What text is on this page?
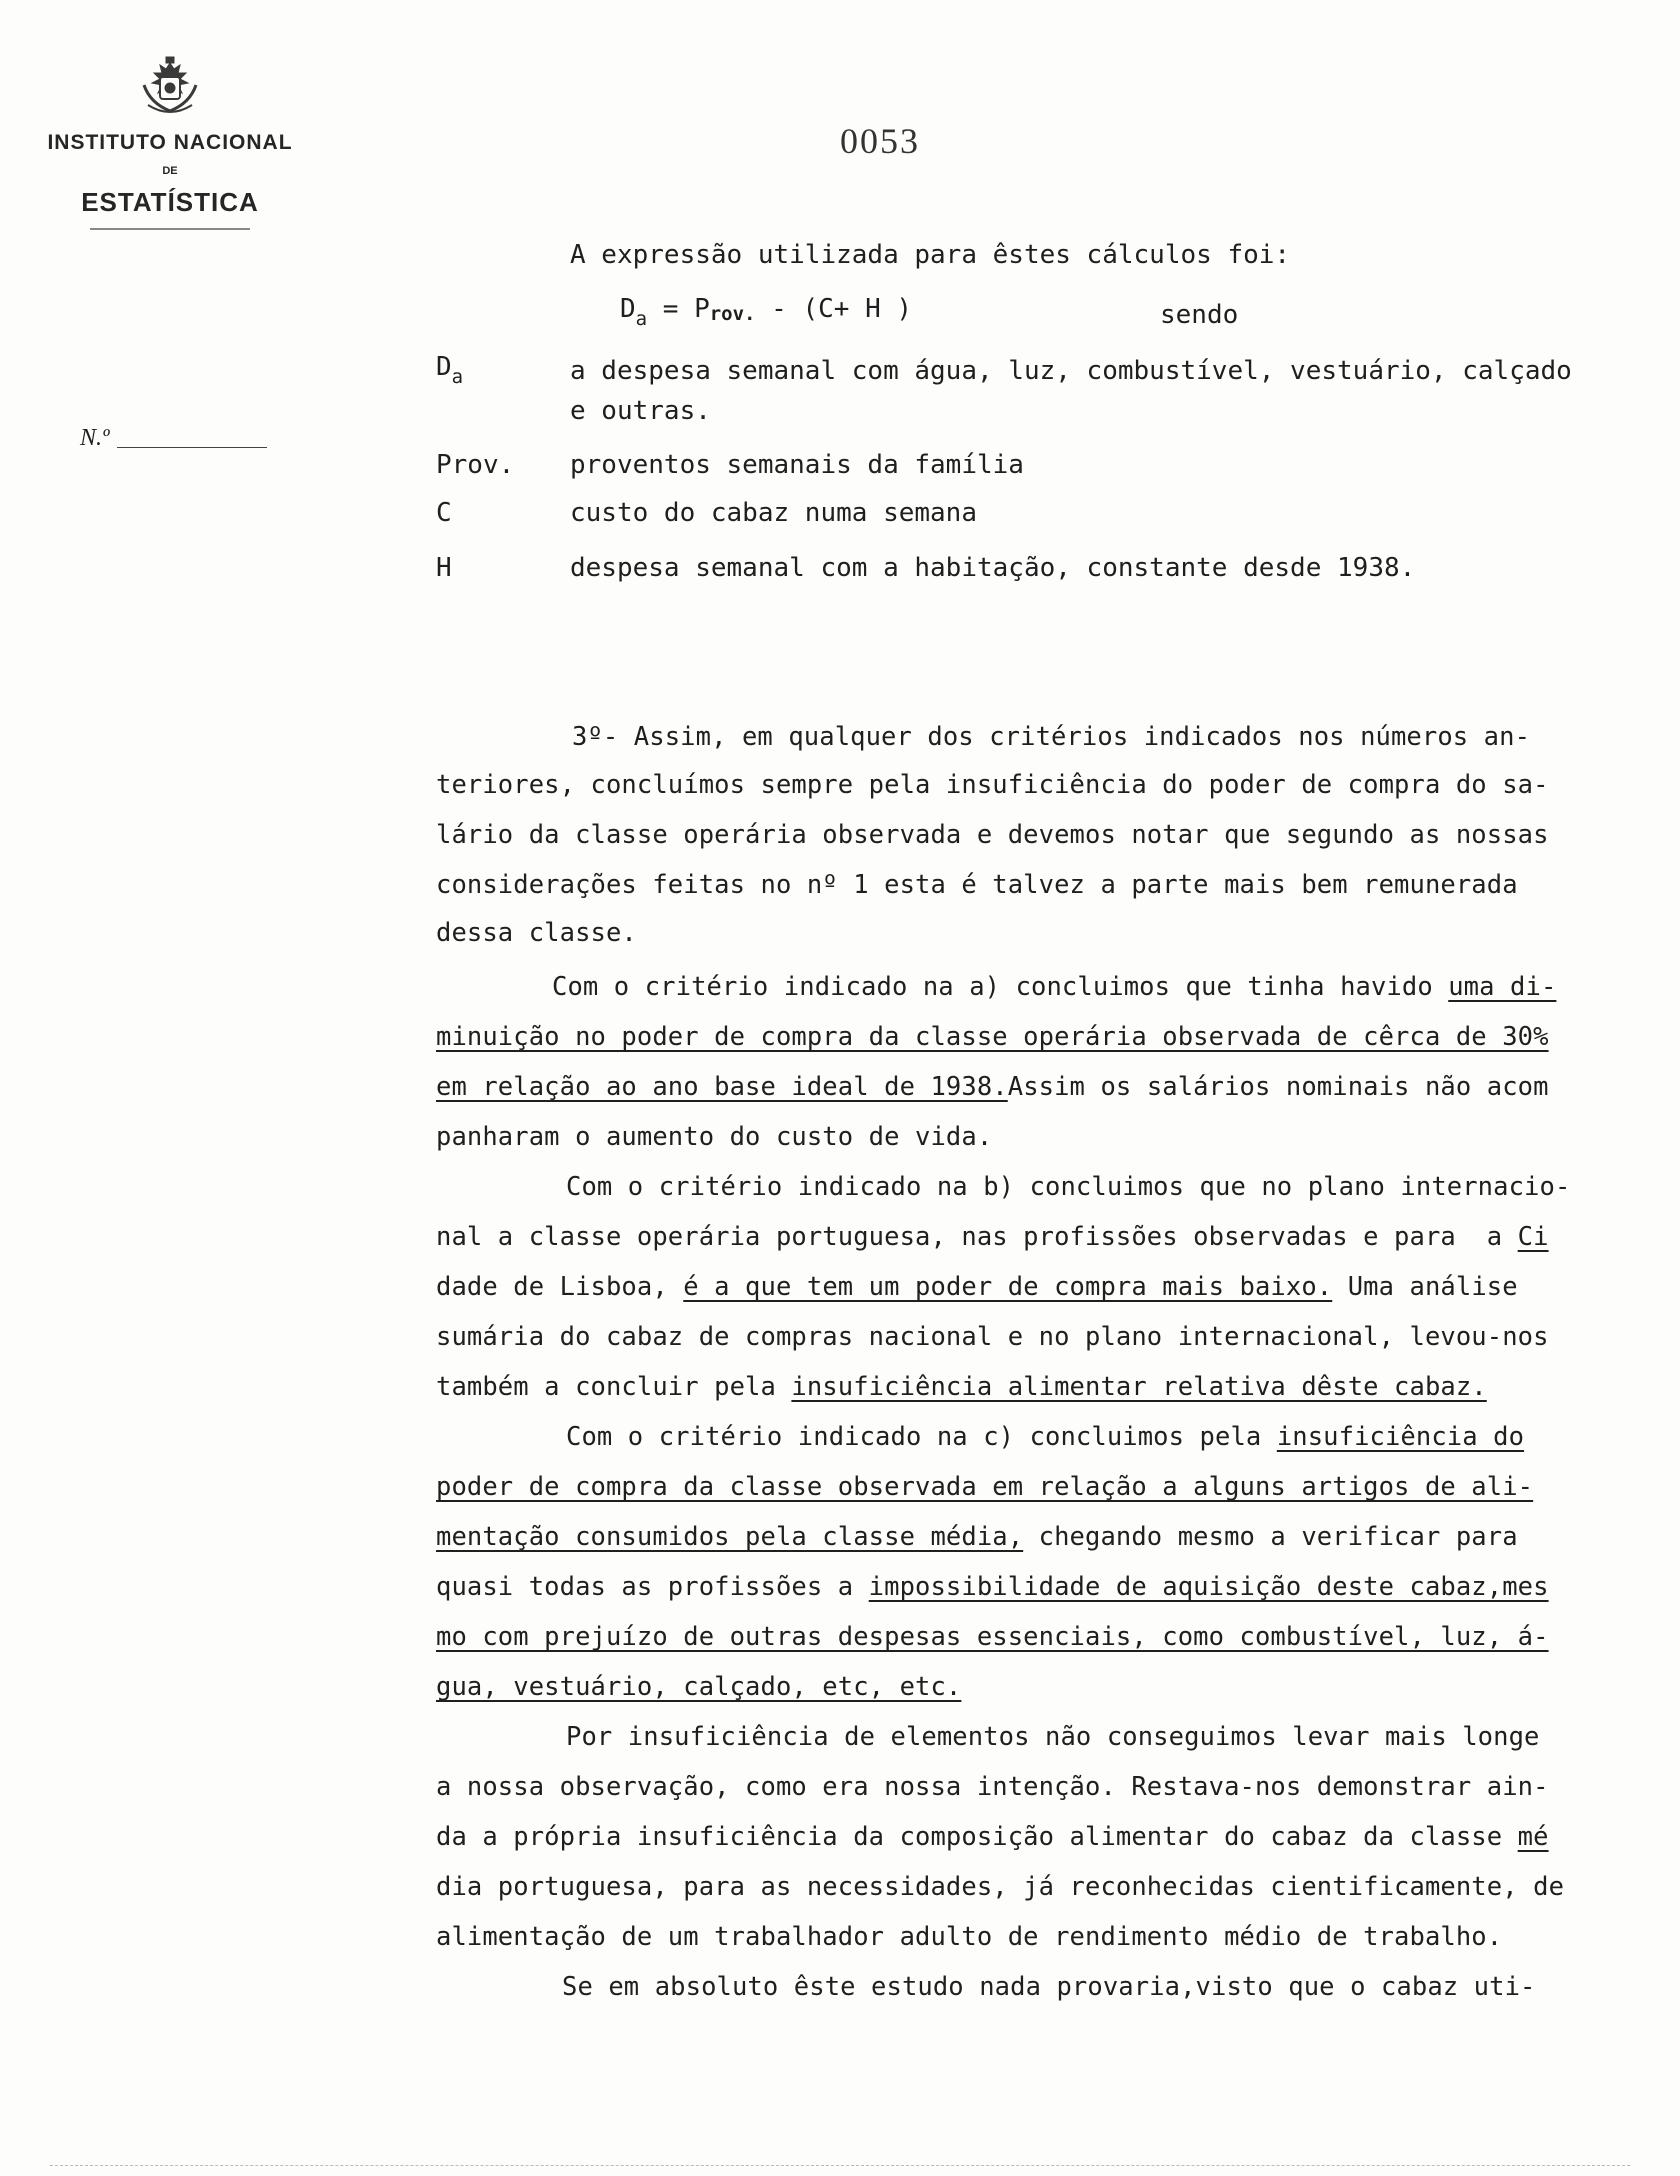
INSTITUTO NACIONAL
DE
ESTATÍSTICA
N.º
0053
A expressão utilizada para êstes cálculos foi:
$D_a$ = Prov. - (C+ H )	sendo
$D_a$	a despesa semanal com água, luz, combustível, vestuário, calçado
e outras.
Prov. proventos semanais da família
C	custo do cabaz numa semana
H	despesa semanal com a habitação, constante desde 1938.
3º- Assim, em qualquer dos critérios indicados nos números an-
teriores, concluímos sempre pela insuficiência do poder de compra do sa-
lário da classe operária observada e devemos notar que segundo as nossas
considerações feitas no nº 1 esta é talvez a parte mais bem remunerada
dessa classe.
Com o critério indicado na a) concluimos que tinha havido uma di-
minuição no poder de compra da classe operária observada de cêrca de 30%
em relação ao ano base ideal de 1938.Assim os salários nominais não acom
panharam o aumento do custo de vida.
Com o critério indicado na b) concluimos que no plano internacio-
nal a classe operária portuguesa, nas profissões observadas e para  a Ci
dade de Lisboa, é a que tem um poder de compra mais baixo. Uma análise
sumária do cabaz de compras nacional e no plano internacional, levou-nos
também a concluir pela insuficiência alimentar relativa dêste cabaz.
Com o critério indicado na c) concluimos pela insuficiência do
poder de compra da classe observada em relação a alguns artigos de ali-
mentação consumidos pela classe média, chegando mesmo a verificar para
quasi todas as profissões a impossibilidade de aquisição deste cabaz,mes
mo com prejuízo de outras despesas essenciais, como combustível, luz, á-
gua, vestuário, calçado, etc, etc.
Por insuficiência de elementos não conseguimos levar mais longe
a nossa observação, como era nossa intenção. Restava-nos demonstrar ain-
da a própria insuficiência da composição alimentar do cabaz da classe mé
dia portuguesa, para as necessidades, já reconhecidas cientificamente, de
alimentação de um trabalhador adulto de rendimento médio de trabalho.
Se em absoluto êste estudo nada provaria,visto que o cabaz uti-
